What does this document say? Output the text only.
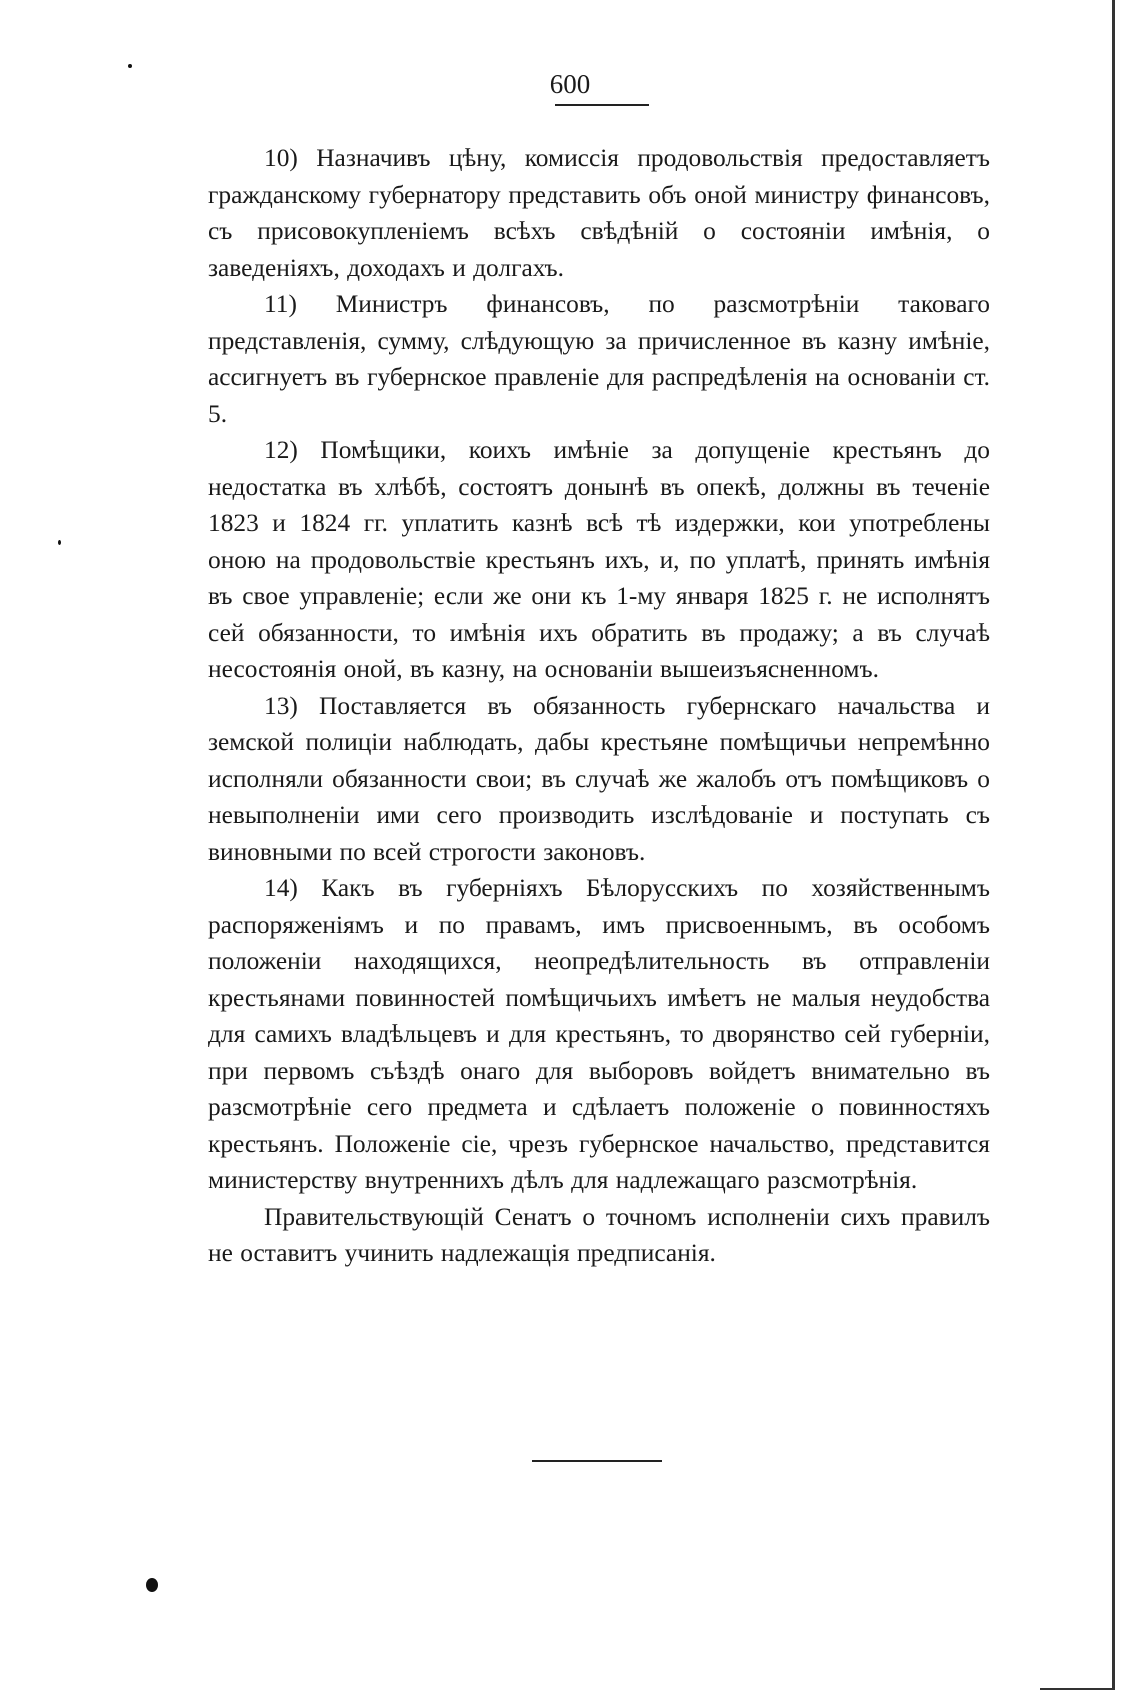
600

10) Назначивъ цѣну, комиссія продовольствія предоставляетъ гражданскому губернатору представить объ оной министру финансовъ, съ присовокупленіемъ всѣхъ свѣдѣній о состояніи имѣнія, о заведеніяхъ, доходахъ и долгахъ.

11) Министръ финансовъ, по разсмотрѣніи таковаго представленія, сумму, слѣдующую за причисленное въ казну имѣніе, ассигнуетъ въ губернское правленіе для распредѣленія на основаніи ст. 5.

12) Помѣщики, коихъ имѣніе за допущеніе крестьянъ до недостатка въ хлѣбѣ, состоятъ донынѣ въ опекѣ, должны въ теченіе 1823 и 1824 гг. уплатить казнѣ всѣ тѣ издержки, кои употреблены оною на продовольствіе крестьянъ ихъ, и, по уплатѣ, принять имѣнія въ свое управленіе; если же они къ 1-му января 1825 г. не исполнятъ сей обязанности, то имѣнія ихъ обратить въ продажу; а въ случаѣ несостоянія оной, въ казну, на основаніи вышеизъясненномъ.

13) Поставляется въ обязанность губернскаго начальства и земской полиціи наблюдать, дабы крестьяне помѣщичьи непремѣнно исполняли обязанности свои; въ случаѣ же жалобъ отъ помѣщиковъ о невыполненіи ими сего производить изслѣдованіе и поступать съ виновными по всей строгости законовъ.

14) Какъ въ губерніяхъ Бѣлорусскихъ по хозяйственнымъ распоряженіямъ и по правамъ, имъ присвоеннымъ, въ особомъ положеніи находящихся, неопредѣлительность въ отправленіи крестьянами повинностей помѣщичьихъ имѣетъ не малыя неудобства для самихъ владѣльцевъ и для крестьянъ, то дворянство сей губерніи, при первомъ съѣздѣ онаго для выборовъ войдетъ внимательно въ разсмотрѣніе сего предмета и сдѣлаетъ положеніе о повинностяхъ крестьянъ. Положеніе сіе, чрезъ губернское начальство, представится министерству внутреннихъ дѣлъ для надлежащаго разсмотрѣнія.

Правительствующій Сенатъ о точномъ исполненіи сихъ правилъ не оставитъ учинить надлежащія предписанія.
